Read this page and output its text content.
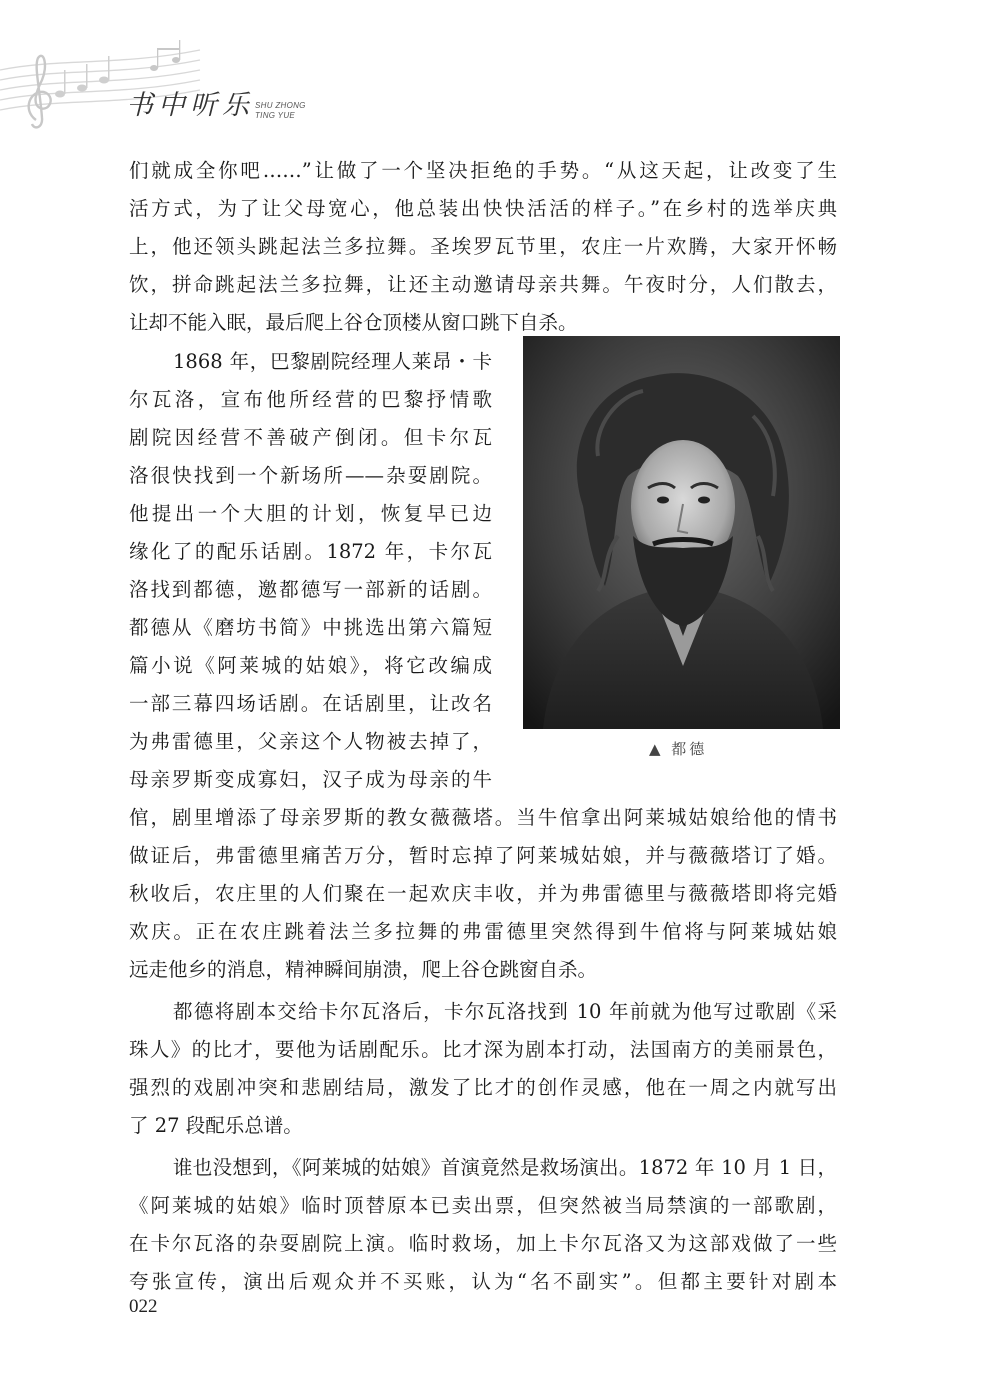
书中听乐 SHU ZHONG
TING YUE

们就成全你吧……”让做了一个坚决拒绝的手势。“从这天起，让改变了生

活方式，为了让父母宽心，他总装出快快活活的样子。”在乡村的选举庆典

上，他还领头跳起法兰多拉舞。圣埃罗瓦节里，农庄一片欢腾，大家开怀畅

饮，拼命跳起法兰多拉舞，让还主动邀请母亲共舞。午夜时分，人们散去，

让却不能入眠，最后爬上谷仓顶楼从窗口跳下自杀。

1868 年，巴黎剧院经理人莱昂・卡

尔瓦洛，宣布他所经营的巴黎抒情歌

剧院因经营不善破产倒闭。但卡尔瓦

洛很快找到一个新场所——杂耍剧院。

他提出一个大胆的计划，恢复早已边

缘化了的配乐话剧。1872 年，卡尔瓦

洛找到都德，邀都德写一部新的话剧。

都德从《磨坊书简》中挑选出第六篇短

篇小说《阿莱城的姑娘》，将它改编成

一部三幕四场话剧。在话剧里，让改名

为弗雷德里，父亲这个人物被去掉了，

母亲罗斯变成寡妇，汉子成为母亲的牛

倌，剧里增添了母亲罗斯的教女薇薇塔。当牛倌拿出阿莱城姑娘给他的情书

做证后，弗雷德里痛苦万分，暂时忘掉了阿莱城姑娘，并与薇薇塔订了婚。

秋收后，农庄里的人们聚在一起欢庆丰收，并为弗雷德里与薇薇塔即将完婚

欢庆。正在农庄跳着法兰多拉舞的弗雷德里突然得到牛倌将与阿莱城姑娘

远走他乡的消息，精神瞬间崩溃，爬上谷仓跳窗自杀。

都德将剧本交给卡尔瓦洛后，卡尔瓦洛找到 10 年前就为他写过歌剧《采

珠人》的比才，要他为话剧配乐。比才深为剧本打动，法国南方的美丽景色，

强烈的戏剧冲突和悲剧结局，激发了比才的创作灵感，他在一周之内就写出

了 27 段配乐总谱。

谁也没想到，《阿莱城的姑娘》首演竟然是救场演出。1872 年 10 月 1 日，

《阿莱城的姑娘》临时顶替原本已卖出票，但突然被当局禁演的一部歌剧，

在卡尔瓦洛的杂耍剧院上演。临时救场，加上卡尔瓦洛又为这部戏做了一些

夸张宣传，演出后观众并不买账，认为“名不副实”。但都主要针对剧本

▲ 都德
022
